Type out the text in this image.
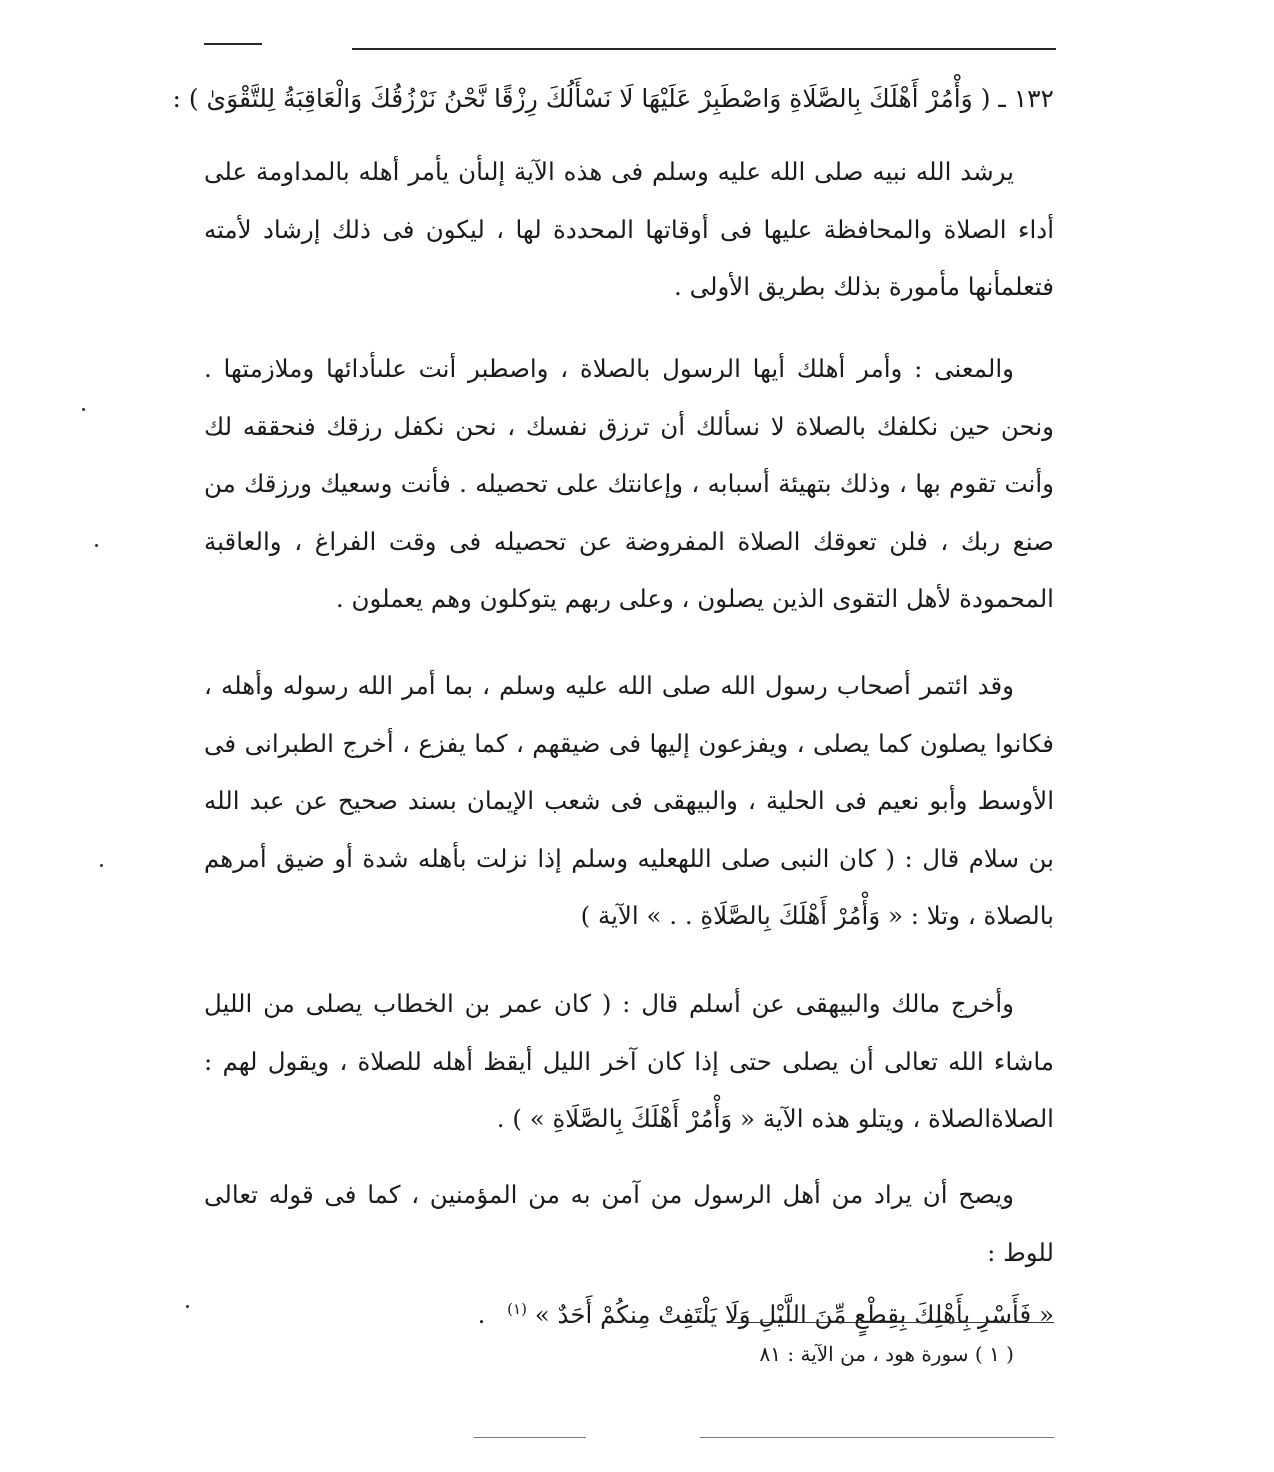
١٣٢ ـ ( وَأْمُرْ أَهْلَكَ بِالصَّلَاةِ وَاصْطَبِرْ عَلَيْهَا لَا نَسْأَلُكَ رِزْقًا نَّحْنُ نَرْزُقُكَ وَالْعَاقِبَةُ لِلتَّقْوَىٰ ) :

يرشد الله نبيه صلى الله عليه وسلم فى هذه الآية إلىأن يأمر أهله بالمداومة على أداء الصلاة والمحافظة عليها فى أوقاتها المحددة لها ، ليكون فى ذلك إرشاد لأمته فتعلمأنها مأمورة بذلك بطريق الأولى .

والمعنى : وأمر أهلك أيها الرسول بالصلاة ، واصطبر أنت علىأدائها وملازمتها . ونحن حين نكلفك بالصلاة لا نسألك أن ترزق نفسك ، نحن نكفل رزقك فنحققه لك وأنت تقوم بها ، وذلك بتهيئة أسبابه ، وإعانتك على تحصيله . فأنت وسعيك ورزقك من صنع ربك ، فلن تعوقك الصلاة المفروضة عن تحصيله فى وقت الفراغ ، والعاقبة المحمودة لأهل التقوى الذين يصلون ، وعلى ربهم يتوكلون وهم يعملون .

وقد ائتمر أصحاب رسول الله صلى الله عليه وسلم ، بما أمر الله رسوله وأهله ، فكانوا يصلون كما يصلى ، ويفزعون إليها فى ضيقهم ، كما يفزع ، أخرج الطبرانى فى الأوسط وأبو نعيم فى الحلية ، والبيهقى فى شعب الإيمان بسند صحيح عن عبد الله بن سلام قال : ( كان النبى صلى اللهعليه وسلم إذا نزلت بأهله شدة أو ضيق أمرهم بالصلاة ، وتلا : « وَأْمُرْ أَهْلَكَ بِالصَّلَاةِ . . » الآية )

وأخرج مالك والبيهقى عن أسلم قال : ( كان عمر بن الخطاب يصلى من الليل ماشاء الله تعالى أن يصلى حتى إذا كان آخر الليل أيقظ أهله للصلاة ، ويقول لهم : الصلاةالصلاة ، ويتلو هذه الآية « وَأْمُرْ أَهْلَكَ بِالصَّلَاةِ » ) .

ويصح أن يراد من أهل الرسول من آمن به من المؤمنين ، كما فى قوله تعالى للوط :
« فَأَسْرِ بِأَهْلِكَ بِقِطْعٍ مِّنَ اللَّيْلِ وَلَا يَلْتَفِتْ مِنكُمْ أَحَدٌ » $^{(١)}$ .

( ١ ) سورة هود ، من الآية : ٨١
